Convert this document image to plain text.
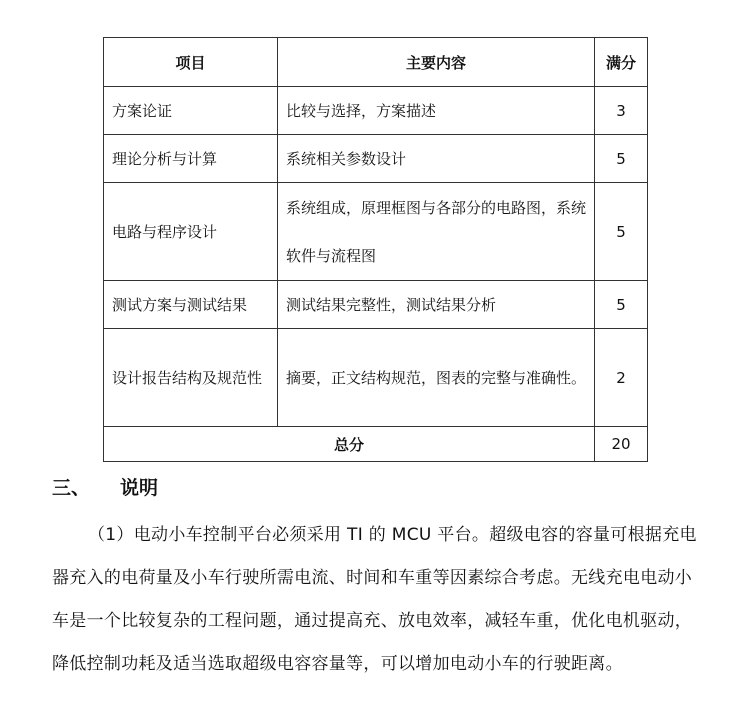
项目	主要内容	满分
方案论证	比较与选择，方案描述	3
理论分析与计算	系统相关参数设计	5
电路与程序设计	系统组成，原理框图与各部分的电路图，系统软件与流程图	5
测试方案与测试结果	测试结果完整性，测试结果分析	5
设计报告结构及规范性	摘要，正文结构规范，图表的完整与准确性。	2
总分		20
三、 说明

（1）电动小车控制平台必须采用 TI 的 MCU 平台。超级电容的容量可根据充电器充入的电荷量及小车行驶所需电流、时间和车重等因素综合考虑。无线充电电动小车是一个比较复杂的工程问题，通过提高充、放电效率，减轻车重，优化电机驱动，降低控制功耗及适当选取超级电容容量等，可以增加电动小车的行驶距离。
